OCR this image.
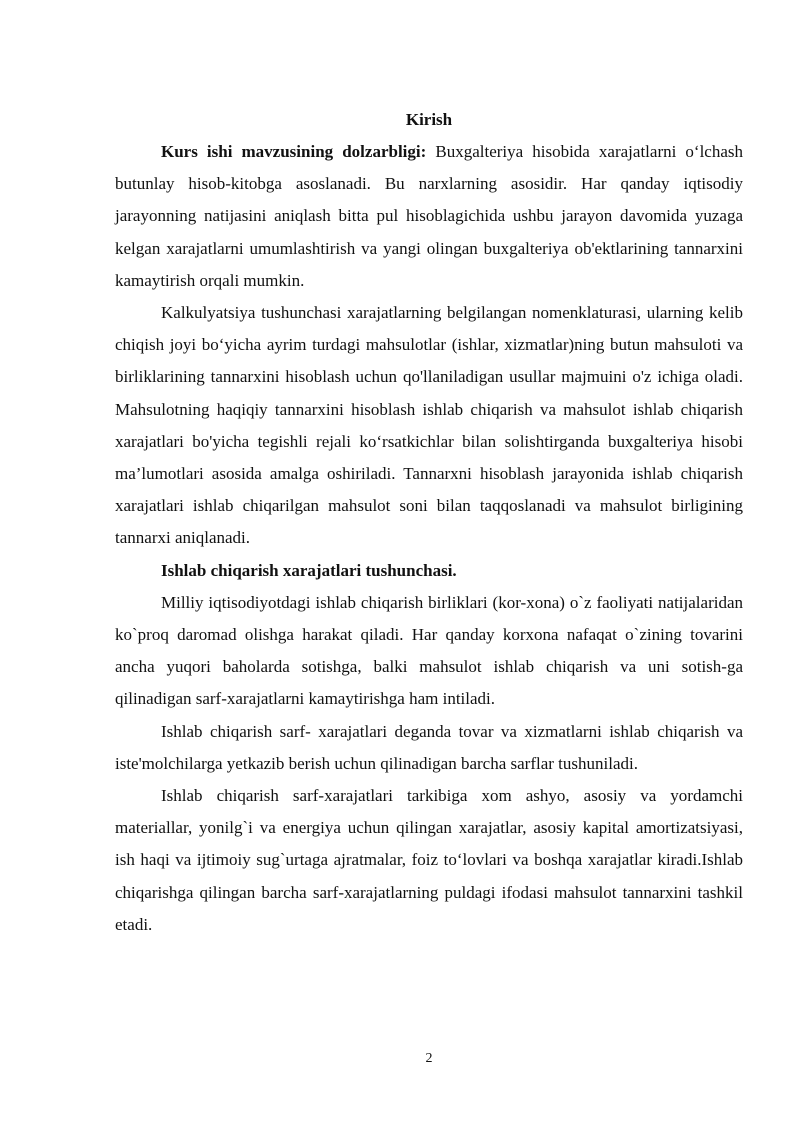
Kirish

Kurs ishi mavzusining dolzarbligi: Buxgalteriya hisobida xarajatlarni o‘lchash butunlay hisob-kitobga asoslanadi. Bu narxlarning asosidir. Har qanday iqtisodiy jarayonning natijasini aniqlash bitta pul hisoblagichida ushbu jarayon davomida yuzaga kelgan xarajatlarni umumlashtirish va yangi olingan buxgalteriya ob'ektlarining tannarxini kamaytirish orqali mumkin.

Kalkulyatsiya tushunchasi xarajatlarning belgilangan nomenklaturasi, ularning kelib chiqish joyi bo‘yicha ayrim turdagi mahsulotlar (ishlar, xizmatlar)ning butun mahsuloti va birliklarining tannarxini hisoblash uchun qo'llaniladigan usullar majmuini o'z ichiga oladi. Mahsulotning haqiqiy tannarxini hisoblash ishlab chiqarish va mahsulot ishlab chiqarish xarajatlari bo'yicha tegishli rejali ko‘rsatkichlar bilan solishtirganda buxgalteriya hisobi ma’lumotlari asosida amalga oshiriladi. Tannarxni hisoblash jarayonida ishlab chiqarish xarajatlari ishlab chiqarilgan mahsulot soni bilan taqqoslanadi va mahsulot birligining tannarxi aniqlanadi.

Ishlab chiqarish xarajatlari tushunchasi.

Milliy iqtisodiyotdagi ishlab chiqarish birliklari (kor-xona) o`z faoliyati natijalaridan ko`proq daromad olishga harakat qiladi. Har qanday korxona nafaqat o`zining tovarini ancha yuqori baholarda sotishga, balki mahsulot ishlab chiqarish va uni sotish-ga qilinadigan sarf-xarajatlarni kamaytirishga ham intiladi.

Ishlab chiqarish sarf- xarajatlari deganda tovar va xizmatlarni ishlab chiqarish va iste'molchilarga yetkazib berish uchun qilinadigan barcha sarflar tushuniladi.

Ishlab chiqarish sarf-xarajatlari tarkibiga xom ashyo, asosiy va yordamchi materiallar, yonilg`i va energiya uchun qilingan xarajatlar, asosiy kapital amortizatsiyasi, ish haqi va ijtimoiy sug`urtaga ajratmalar, foiz to‘lovlari va boshqa xarajatlar kiradi.Ishlab chiqarishga qilingan barcha sarf-xarajatlarning puldagi ifodasi mahsulot tannarxini tashkil etadi.

2
